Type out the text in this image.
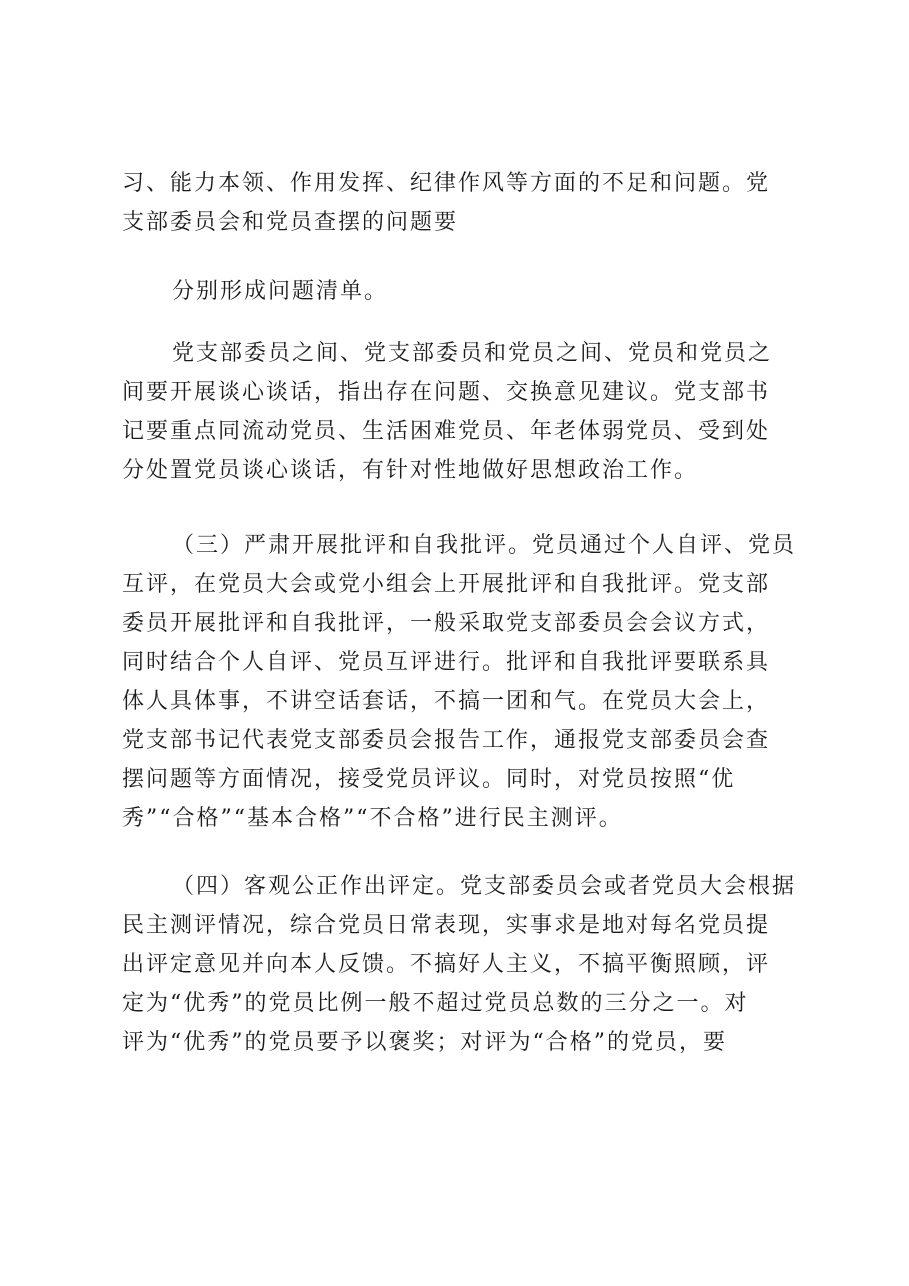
习、能力本领、作用发挥、纪律作风等方面的不足和问题。党
支部委员会和党员查摆的问题要
分别形成问题清单。
党支部委员之间、党支部委员和党员之间、党员和党员之
间要开展谈心谈话，指出存在问题、交换意见建议。党支部书
记要重点同流动党员、生活困难党员、年老体弱党员、受到处
分处置党员谈心谈话，有针对性地做好思想政治工作。
（三）严肃开展批评和自我批评。党员通过个人自评、党员
互评，在党员大会或党小组会上开展批评和自我批评。党支部
委员开展批评和自我批评，一般采取党支部委员会会议方式，
同时结合个人自评、党员互评进行。批评和自我批评要联系具
体人具体事，不讲空话套话，不搞一团和气。在党员大会上，
党支部书记代表党支部委员会报告工作，通报党支部委员会查
摆问题等方面情况，接受党员评议。同时，对党员按照“优
秀”“合格”“基本合格”“不合格”进行民主测评。
（四）客观公正作出评定。党支部委员会或者党员大会根据
民主测评情况，综合党员日常表现，实事求是地对每名党员提
出评定意见并向本人反馈。不搞好人主义，不搞平衡照顾，评
定为“优秀”的党员比例一般不超过党员总数的三分之一。对
评为“优秀”的党员要予以褒奖；对评为“合格”的党员，要
